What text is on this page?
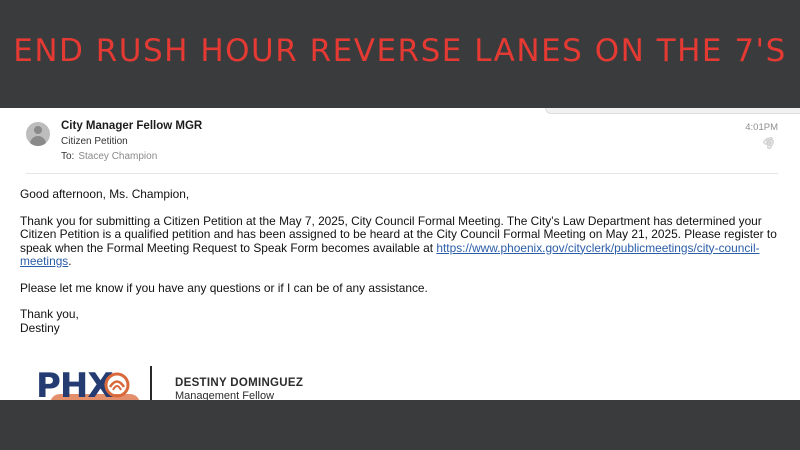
END RUSH HOUR REVERSE LANES ON THE 7'S
City Manager Fellow MGR
Citizen Petition
To: Stacey Champion
4:01PM
🖇

Good afternoon, Ms. Champion,

Thank you for submitting a Citizen Petition at the May 7, 2025, City Council Formal Meeting. The City’s Law Department has determined your Citizen Petition is a qualified petition and has been assigned to be heard at the City Council Formal Meeting on May 21, 2025. Please register to speak when the Formal Meeting Request to Speak Form becomes available at https://www.phoenix.gov/cityclerk/publicmeetings/city-council-meetings.

Please let me know if you have any questions or if I can be of any assistance.

Thank you,
Destiny
PHX	DESTINY DOMINGUEZ
Management Fellow
